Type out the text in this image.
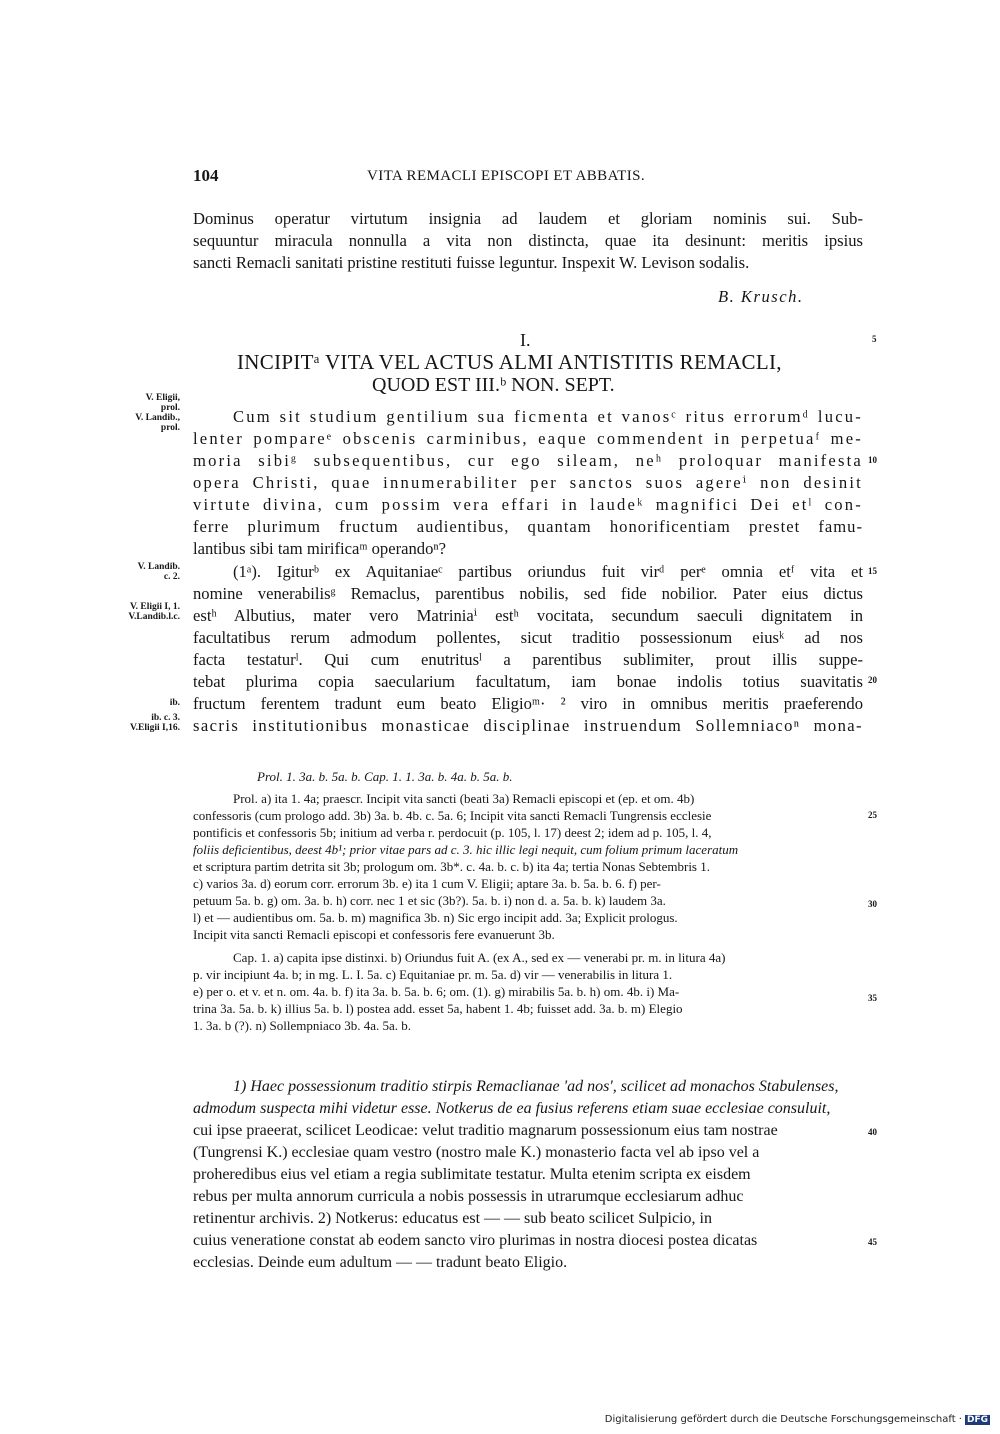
104	VITA REMACLI EPISCOPI ET ABBATIS.
Dominus operatur virtutum insignia ad laudem et gloriam nominis sui. Sub-
sequuntur miracula nonnulla a vita non distincta, quae ita desinunt: meritis ipsius
sancti Remacli sanitati pristine restituti fuisse leguntur. Inspexit W. Levison sodalis.
B. Krusch.
I.
INCIPITᵃ VITA VEL ACTUS ALMI ANTISTITIS REMACLI,
QUOD EST III.ᵇ NON. SEPT.
Cum sit studium gentilium sua ficmenta et vanosᶜ ritus errorumᵈ lucu-
lenter pompareᵉ obscenis carminibus, eaque commendent in perpetuaᶠ me-
moria sibiᵍ subsequentibus, cur ego sileam, neʰ proloquar manifesta
opera Christi, quae innumerabiliter per sanctos suos agereⁱ non desinit
virtute divina, cum possim vera effari in laudeᵏ magnifici Dei etˡ con-
ferre plurimum fructum audientibus, quantam honorificentiam prestet famu-
lantibus sibi tam mirificaᵐ operandoⁿ?
(1ᵃ). Igiturᵇ ex Aquitaniaeᶜ partibus oriundus fuit virᵈ perᵉ omnia etᶠ vita et
nomine venerabilisᵍ Remaclus, parentibus nobilis, sed fide nobilior. Pater eius dictus
estʰ Albutius, mater vero Matriniaⁱ estʰ vocitata, secundum saeculi dignitatem in
facultatibus rerum admodum pollentes, sicut traditio possessionum eiusᵏ ad nos
facta testaturˡ. Qui cum enutritusˡ a parentibus sublimiter, prout illis suppe-
tebat plurima copia saecularium facultatum, iam bonae indolis totius suavitatis
fructum ferentem tradunt eum beato Eligioᵐ· ² viro in omnibus meritis praeferendo
sacris institutionibus monasticae disciplinae instruendum Sollemniacoⁿ mona-
V. Eligii,
prol.
V. Landib.,
prol.
V. Landib.
c. 2.
V. Eligii I, 1.
V.Landib.l.c.
ib.
ib. c. 3.
V.Eligii I,16.
5
10
15
20
25
30
35
40
45
Prol. 1. 3a. b. 5a. b. Cap. 1. 1. 3a. b. 4a. b. 5a. b.
Prol. a) ita 1. 4a; praescr. Incipit vita sancti (beati 3a) Remacli episcopi et (ep. et om. 4b)
confessoris (cum prologo add. 3b) 3a. b. 4b. c. 5a. 6; Incipit vita sancti Remacli Tungrensis ecclesie
pontificis et confessoris 5b; initium ad verba r. perdocuit (p. 105, l. 17) deest 2; idem ad p. 105, l. 4,
foliis deficientibus, deest 4b¹; prior vitae pars ad c. 3. hic illic legi nequit, cum folium primum laceratum
et scriptura partim detrita sit 3b; prologum om. 3b*. c. 4a. b. c. b) ita 4a; tertia Nonas Sebtembris 1.
c) varios 3a. d) eorum corr. errorum 3b. e) ita 1 cum V. Eligii; aptare 3a. b. 5a. b. 6. f) per-
petuum 5a. b. g) om. 3a. b. h) corr. nec 1 et sic (3b?). 5a. b. i) non d. a. 5a. b. k) laudem 3a.
l) et — audientibus om. 5a. b. m) magnifica 3b. n) Sic ergo incipit add. 3a; Explicit prologus.
Incipit vita sancti Remacli episcopi et confessoris fere evanuerunt 3b.
Cap. 1. a) capita ipse distinxi. b) Oriundus fuit A. (ex A., sed ex — venerabi pr. m. in litura 4a)
p. vir incipiunt 4a. b; in mg. L. I. 5a. c) Equitaniae pr. m. 5a. d) vir — venerabilis in litura 1.
e) per o. et v. et n. om. 4a. b. f) ita 3a. b. 5a. b. 6; om. (1). g) mirabilis 5a. b. h) om. 4b. i) Ma-
trina 3a. 5a. b. k) illius 5a. b. l) postea add. esset 5a, habent 1. 4b; fuisset add. 3a. b. m) Elegio
1. 3a. b (?). n) Sollempniaco 3b. 4a. 5a. b.
1) Haec possessionum traditio stirpis Remaclianae 'ad nos', scilicet ad monachos Stabulenses,
admodum suspecta mihi videtur esse. Notkerus de ea fusius referens etiam suae ecclesiae consuluit,
cui ipse praeerat, scilicet Leodicae: velut traditio magnarum possessionum eius tam nostrae
(Tungrensi K.) ecclesiae quam vestro (nostro male K.) monasterio facta vel ab ipso vel a
proheredibus eius vel etiam a regia sublimitate testatur. Multa etenim scripta ex eisdem
rebus per multa annorum curricula a nobis possessis in utrarumque ecclesiarum adhuc
retinentur archivis. 2) Notkerus: educatus est — — sub beato scilicet Sulpicio, in
cuius veneratione constat ab eodem sancto viro plurimas in nostra diocesi postea dicatas
ecclesias. Deinde eum adultum — — tradunt beato Eligio.
Digitalisierung gefördert durch die Deutsche Forschungsgemeinschaft · DFG
